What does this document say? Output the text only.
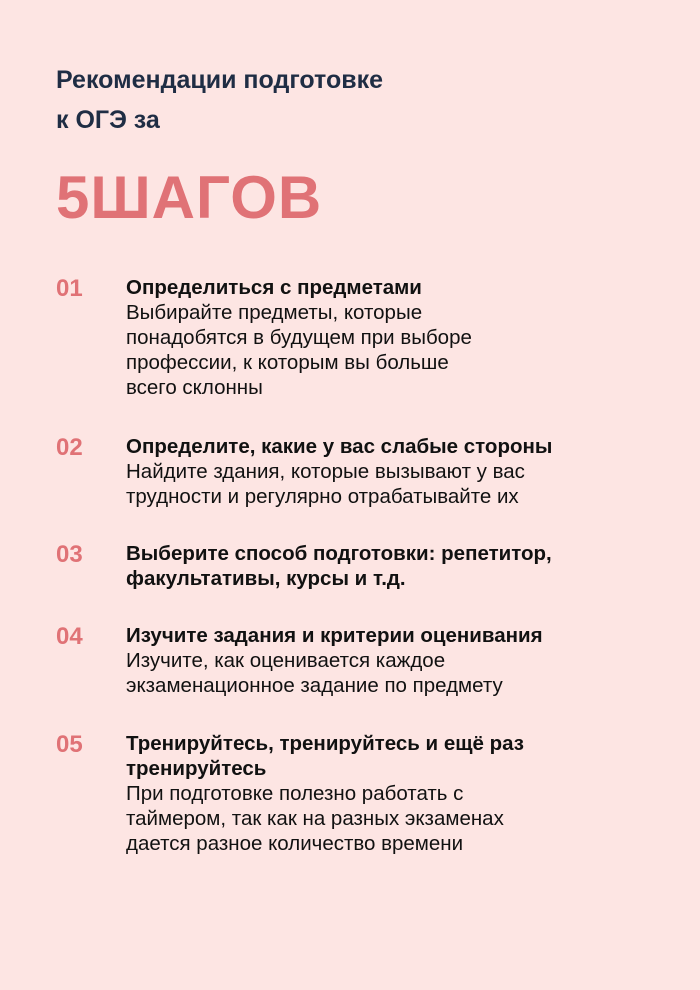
Рекомендации подготовке
к ОГЭ за
5ШАГОВ
01 Определиться с предметами
Выбирайте предметы, которые
понадобятся в будущем при выборе
профессии, к которым вы больше
всего склонны
02 Определите, какие у вас слабые стороны
Найдите здания, которые вызывают у вас
трудности и регулярно отрабатывайте их
03 Выберите способ подготовки: репетитор,
факультативы, курсы и т.д.
04 Изучите задания и критерии оценивания
Изучите, как оценивается каждое
экзаменационное задание по предмету
05 Тренируйтесь, тренируйтесь и ещё раз
тренируйтесь
При подготовке полезно работать с
таймером, так как на разных экзаменах
дается разное количество времени
